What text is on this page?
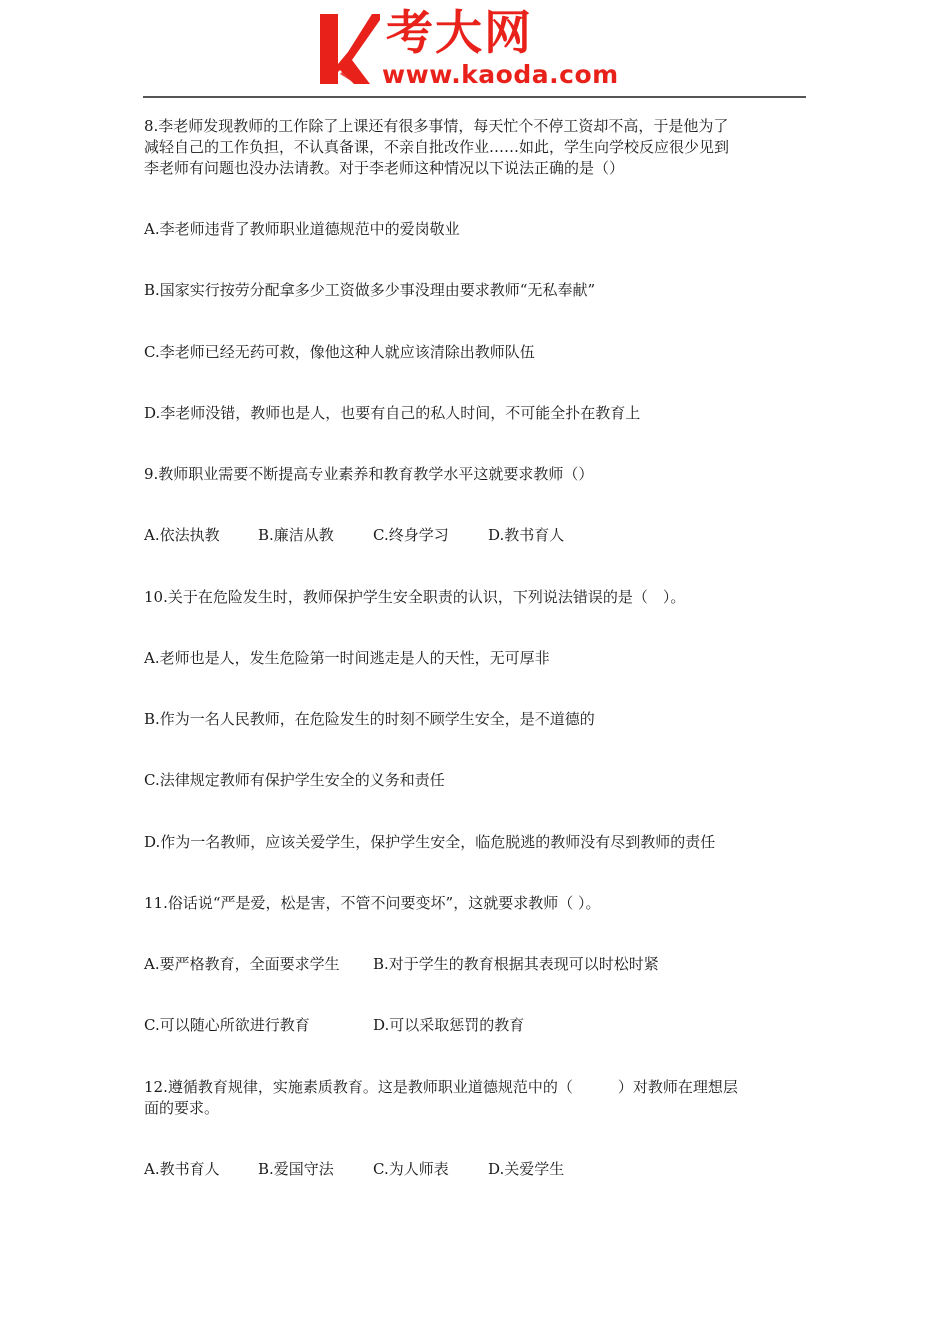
考大网
www.kaoda.com
8.李老师发现教师的工作除了上课还有很多事情，每天忙个不停工资却不高，于是他为了
减轻自己的工作负担，不认真备课，不亲自批改作业……如此，学生向学校反应很少见到
李老师有问题也没办法请教。对于李老师这种情况以下说法正确的是（）
A.李老师违背了教师职业道德规范中的爱岗敬业
B.国家实行按劳分配拿多少工资做多少事没理由要求教师“无私奉献”
C.李老师已经无药可救，像他这种人就应该清除出教师队伍
D.李老师没错，教师也是人，也要有自己的私人时间，不可能全扑在教育上
9.教师职业需要不断提高专业素养和教育教学水平这就要求教师（）
A.依法执教	B.廉洁从教	C.终身学习	D.教书育人
10.关于在危险发生时，教师保护学生安全职责的认识，下列说法错误的是（　）。
A.老师也是人，发生危险第一时间逃走是人的天性，无可厚非
B.作为一名人民教师，在危险发生的时刻不顾学生安全，是不道德的
C.法律规定教师有保护学生安全的义务和责任
D.作为一名教师，应该关爱学生，保护学生安全，临危脱逃的教师没有尽到教师的责任
11.俗话说“严是爱，松是害，不管不问要变坏”，这就要求教师（ ）。
A.要严格教育，全面要求学生 B.对于学生的教育根据其表现可以时松时紧
C.可以随心所欲进行教育	D.可以采取惩罚的教育
12.遵循教育规律，实施素质教育。这是教师职业道德规范中的（　　　）对教师在理想层
面的要求。
A.教书育人	B.爱国守法	C.为人师表	D.关爱学生
